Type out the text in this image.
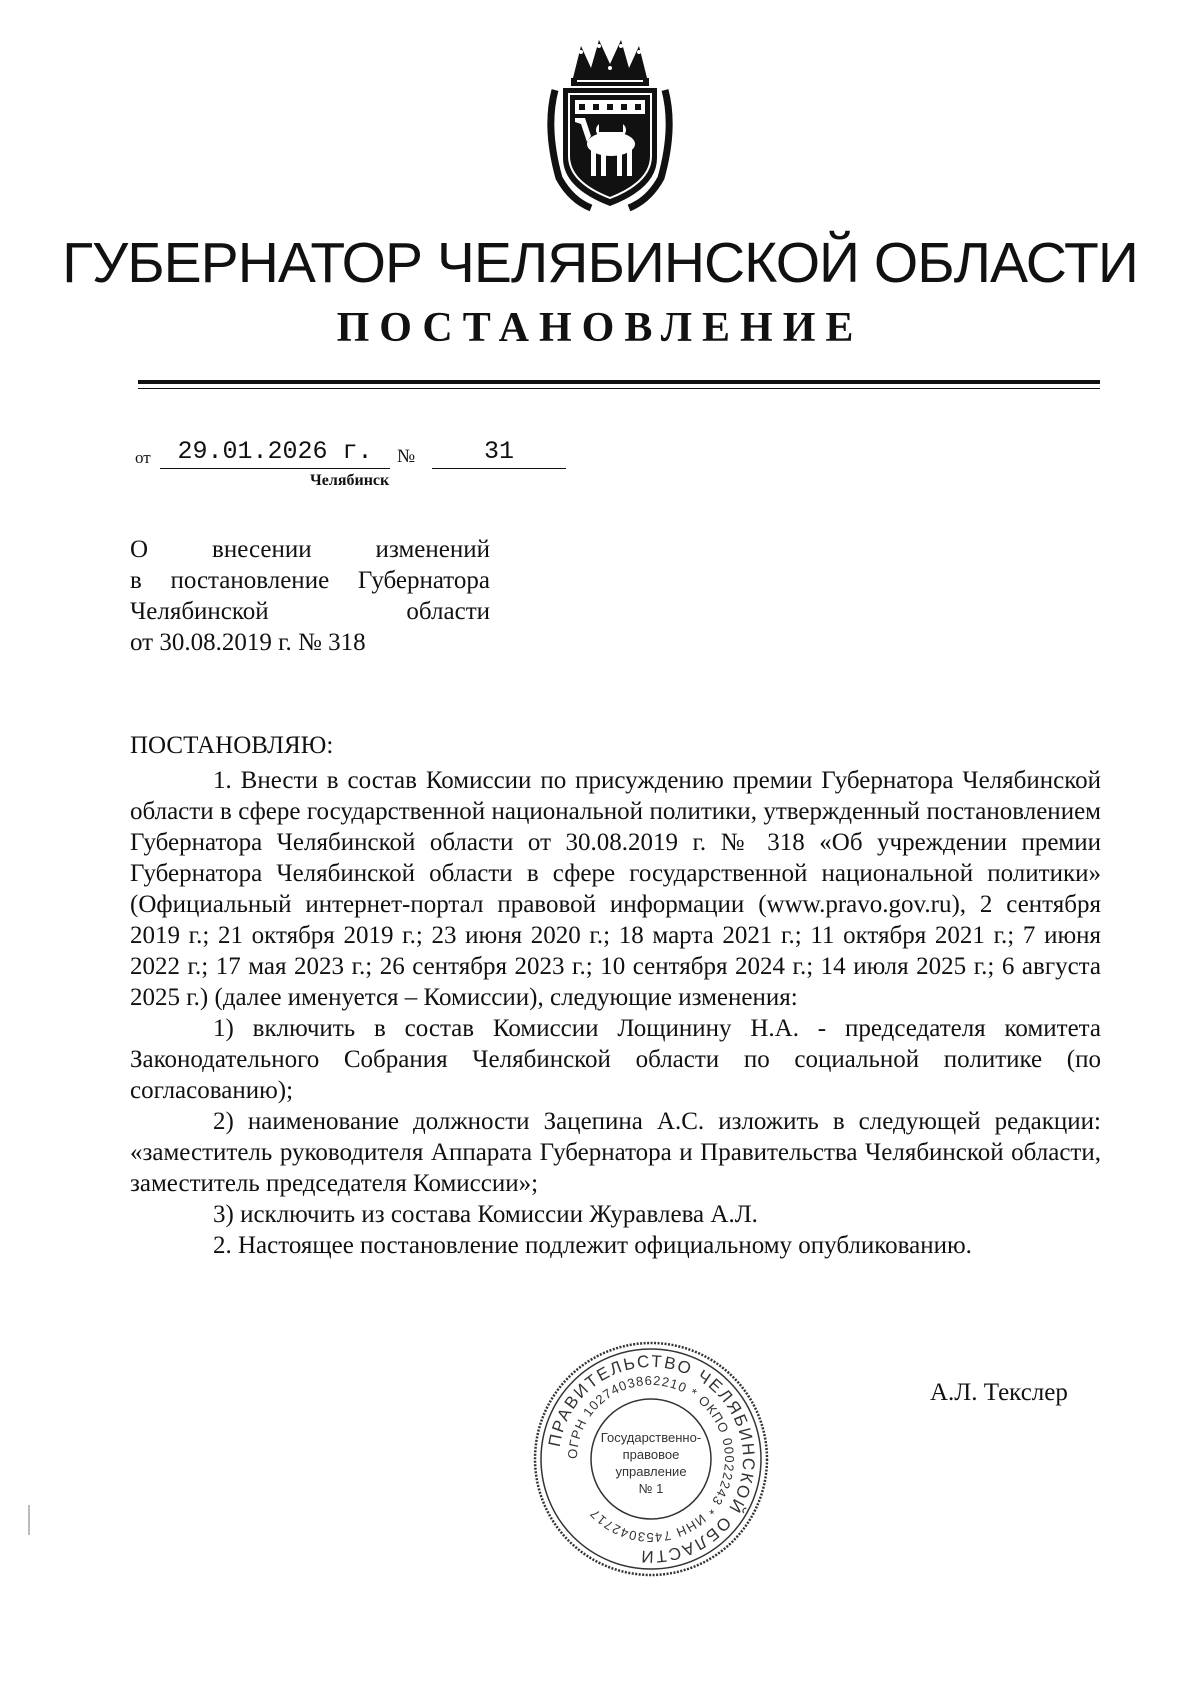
ГУБЕРНАТОР ЧЕЛЯБИНСКОЙ ОБЛАСТИ
ПОСТАНОВЛЕНИЕ
от	29.01.2026 г.	№	31
Челябинск
О внесении изменений
в постановление Губернатора
Челябинской области
от 30.08.2019 г. № 318
ПОСТАНОВЛЯЮ:

1. Внести в состав Комиссии по присуждению премии Губернатора Челябинской области в сфере государственной национальной политики, утвержденный постановлением Губернатора Челябинской области от 30.08.2019 г. № 318 «Об учреждении премии Губернатора Челябинской области в сфере государственной национальной политики» (Официальный интернет-портал правовой информации (www.pravo.gov.ru), 2 сентября 2019 г.; 21 октября 2019 г.; 23 июня 2020 г.; 18 марта 2021 г.; 11 октября 2021 г.; 7 июня 2022 г.; 17 мая 2023 г.; 26 сентября 2023 г.; 10 сентября 2024 г.; 14 июля 2025 г.; 6 августа 2025 г.) (далее именуется – Комиссии), следующие изменения:

1) включить в состав Комиссии Лощинину Н.А. - председателя комитета Законодательного Собрания Челябинской области по социальной политике (по согласованию);

2) наименование должности Зацепина А.С. изложить в следующей редакции: «заместитель руководителя Аппарата Губернатора и Правительства Челябинской области, заместитель председателя Комиссии»;

3) исключить из состава Комиссии Журавлева А.Л.

2. Настоящее постановление подлежит официальному опубликованию.

ПРАВИТЕЛЬСТВО ЧЕЛЯБИНСКОЙ ОБЛАСТИ
ОГРН 1027403862210 * ОКПО 00022243 * ИНН 7453042717
Государственно-
правовое
управление
№ 1
А.Л. Текслер
